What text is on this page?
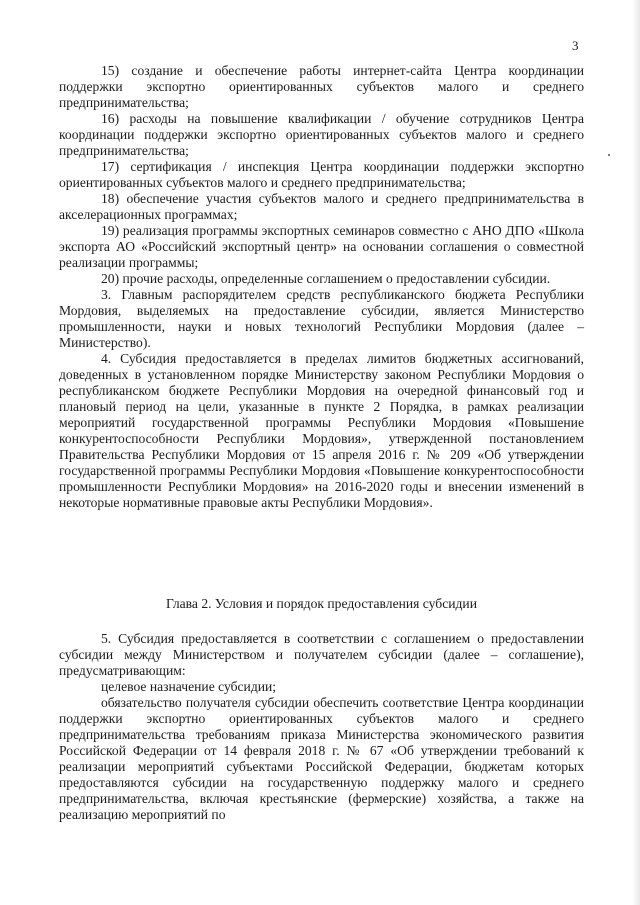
3

15) создание и обеспечение работы интернет-сайта Центра координации поддержки экспортно ориентированных субъектов малого и среднего предпринимательства;

16) расходы на повышение квалификации / обучение сотрудников Центра координации поддержки экспортно ориентированных субъектов малого и среднего предпринимательства;

17) сертификация / инспекция Центра координации поддержки экспортно ориентированных субъектов малого и среднего предпринимательства;

18) обеспечение участия субъектов малого и среднего предпринимательства в акселерационных программах;

19) реализация программы экспортных семинаров совместно с АНО ДПО «Школа экспорта АО «Российский экспортный центр» на основании соглашения о совместной реализации программы;

20) прочие расходы, определенные соглашением о предоставлении субсидии.

3. Главным распорядителем средств республиканского бюджета Республики Мордовия, выделяемых на предоставление субсидии, является Министерство промышленности, науки и новых технологий Республики Мордовия (далее – Министерство).

4. Субсидия предоставляется в пределах лимитов бюджетных ассигнований, доведенных в установленном порядке Министерству законом Республики Мордовия о республиканском бюджете Республики Мордовия на очередной финансовый год и плановый период на цели, указанные в пункте 2 Порядка, в рамках реализации мероприятий государственной программы Республики Мордовия «Повышение конкурентоспособности Республики Мордовия», утвержденной постановлением Правительства Республики Мордовия от 15 апреля 2016 г. № 209 «Об утверждении государственной программы Республики Мордовия «Повышение конкурентоспособности промышленности Республики Мордовия» на 2016-2020 годы и внесении изменений в некоторые нормативные правовые акты Республики Мордовия».

Глава 2. Условия и порядок предоставления субсидии

5. Субсидия предоставляется в соответствии с соглашением о предоставлении субсидии между Министерством и получателем субсидии (далее – соглашение), предусматривающим:

целевое назначение субсидии;

обязательство получателя субсидии обеспечить соответствие Центра координации поддержки экспортно ориентированных субъектов малого и среднего предпринимательства требованиям приказа Министерства экономического развития Российской Федерации от 14 февраля 2018 г. № 67 «Об утверждении требований к реализации мероприятий субъектами Российской Федерации, бюджетам которых предоставляются субсидии на государственную поддержку малого и среднего предпринимательства, включая крестьянские (фермерские) хозяйства, а также на реализацию мероприятий по
